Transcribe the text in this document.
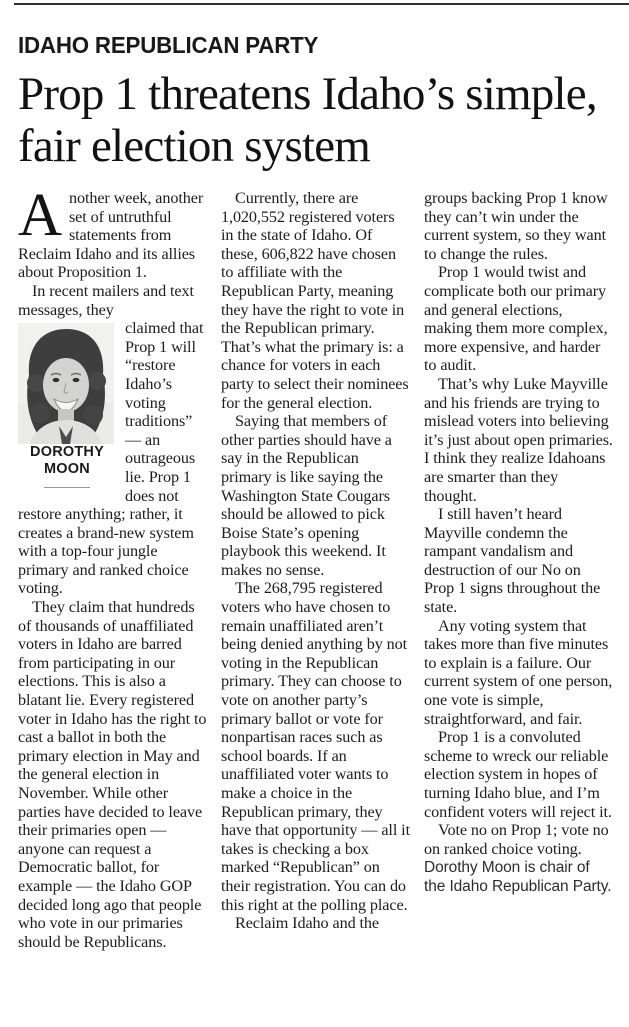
IDAHO REPUBLICAN PARTY
Prop 1 threatens Idaho’s simple, fair election system

Another week, another set of untruthful statements from Reclaim Idaho and its allies about Proposition 1.

In recent mailers and text messages, they

DOROTHY
MOON
claimed that Prop 1 will “restore Idaho’s voting traditions” — an outrageous lie. Prop 1 does not restore anything; rather, it creates a brand-new system with a top-four jungle primary and ranked choice voting.

They claim that hundreds of thousands of unaffiliated voters in Idaho are barred from participating in our elections. This is also a blatant lie. Every registered voter in Idaho has the right to cast a ballot in both the primary election in May and the general election in November. While other parties have decided to leave their primaries open — anyone can request a Democratic ballot, for example — the Idaho GOP decided long ago that people who vote in our primaries should be Republicans.

Currently, there are 1,020,552 registered voters in the state of Idaho. Of these, 606,822 have chosen to affiliate with the Republican Party, meaning they have the right to vote in the Republican primary. That’s what the primary is: a chance for voters in each party to select their nominees for the general election.

Saying that members of other parties should have a say in the Republican primary is like saying the Washington State Cougars should be allowed to pick Boise State’s opening playbook this weekend. It makes no sense.

The 268,795 registered voters who have chosen to remain unaffiliated aren’t being denied anything by not voting in the Republican primary. They can choose to vote on another party’s primary ballot or vote for nonpartisan races such as school boards. If an unaffiliated voter wants to make a choice in the Republican primary, they have that opportunity — all it takes is checking a box marked “Republican” on their registration. You can do this right at the polling place.

Reclaim Idaho and the

groups backing Prop 1 know they can’t win under the current system, so they want to change the rules.

Prop 1 would twist and complicate both our primary and general elections, making them more complex, more expensive, and harder to audit.

That’s why Luke Mayville and his friends are trying to mislead voters into believing it’s just about open primaries. I think they realize Idahoans are smarter than they thought.

I still haven’t heard Mayville condemn the rampant vandalism and destruction of our No on Prop 1 signs throughout the state.

Any voting system that takes more than five minutes to explain is a failure. Our current system of one person, one vote is simple, straightforward, and fair.

Prop 1 is a convoluted scheme to wreck our reliable election system in hopes of turning Idaho blue, and I’m confident voters will reject it.

Vote no on Prop 1; vote no on ranked choice voting.

Dorothy Moon is chair of the Idaho Republican Party.
